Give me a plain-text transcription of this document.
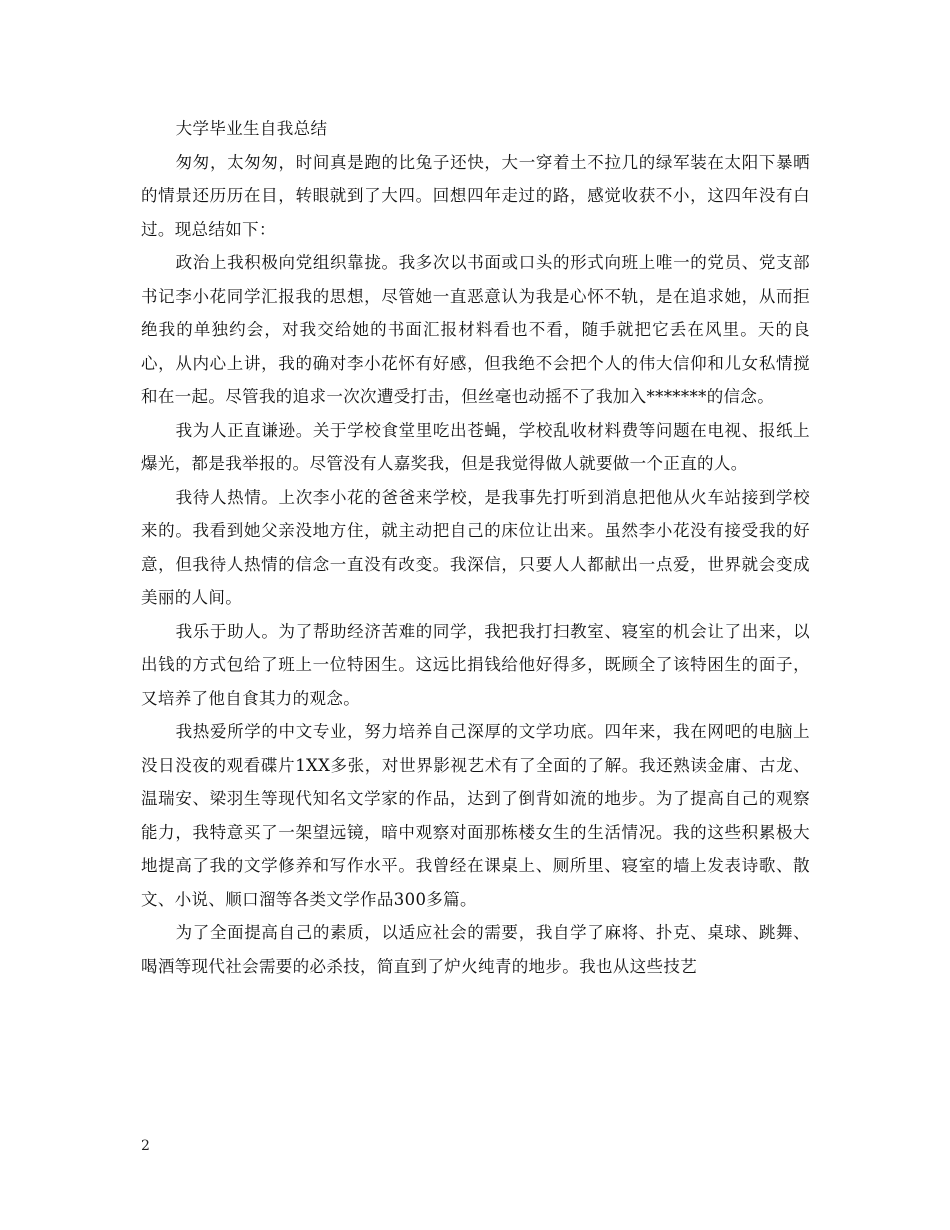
大学毕业生自我总结

匆匆，太匆匆，时间真是跑的比兔子还快，大一穿着土不拉几的绿军装在太阳下暴晒的情景还历历在目，转眼就到了大四。回想四年走过的路，感觉收获不小，这四年没有白过。现总结如下：

政治上我积极向党组织靠拢。我多次以书面或口头的形式向班上唯一的党员、党支部书记李小花同学汇报我的思想，尽管她一直恶意认为我是心怀不轨，是在追求她，从而拒绝我的单独约会，对我交给她的书面汇报材料看也不看，随手就把它丢在风里。天的良心，从内心上讲，我的确对李小花怀有好感，但我绝不会把个人的伟大信仰和儿女私情搅和在一起。尽管我的追求一次次遭受打击，但丝毫也动摇不了我加入*******的信念。

我为人正直谦逊。关于学校食堂里吃出苍蝇，学校乱收材料费等问题在电视、报纸上爆光，都是我举报的。尽管没有人嘉奖我，但是我觉得做人就要做一个正直的人。

我待人热情。上次李小花的爸爸来学校，是我事先打听到消息把他从火车站接到学校来的。我看到她父亲没地方住，就主动把自己的床位让出来。虽然李小花没有接受我的好意，但我待人热情的信念一直没有改变。我深信，只要人人都献出一点爱，世界就会变成美丽的人间。

我乐于助人。为了帮助经济苦难的同学，我把我打扫教室、寝室的机会让了出来，以出钱的方式包给了班上一位特困生。这远比捐钱给他好得多，既顾全了该特困生的面子，又培养了他自食其力的观念。

我热爱所学的中文专业，努力培养自己深厚的文学功底。四年来，我在网吧的电脑上没日没夜的观看碟片1XX多张，对世界影视艺术有了全面的了解。我还熟读金庸、古龙、温瑞安、梁羽生等现代知名文学家的作品，达到了倒背如流的地步。为了提高自己的观察能力，我特意买了一架望远镜，暗中观察对面那栋楼女生的生活情况。我的这些积累极大地提高了我的文学修养和写作水平。我曾经在课桌上、厕所里、寝室的墙上发表诗歌、散文、小说、顺口溜等各类文学作品300多篇。

为了全面提高自己的素质，以适应社会的需要，我自学了麻将、扑克、桌球、跳舞、喝酒等现代社会需要的必杀技，简直到了炉火纯青的地步。我也从这些技艺

2
